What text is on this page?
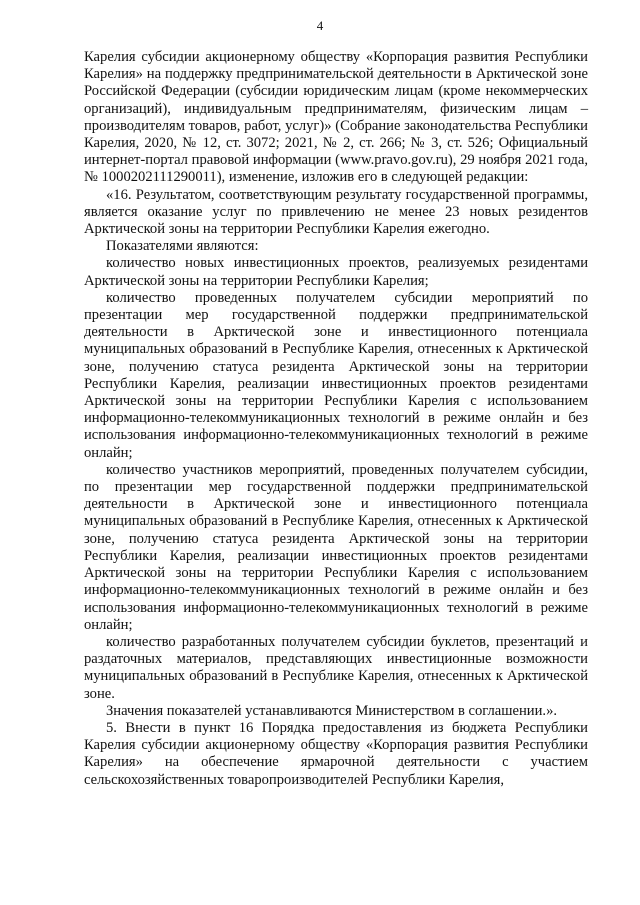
4

Карелия субсидии акционерному обществу «Корпорация развития Республики Карелия» на поддержку предпринимательской деятельности в Арктической зоне Российской Федерации (субсидии юридическим лицам (кроме некоммерческих организаций), индивидуальным предпринимателям, физическим лицам – производителям товаров, работ, услуг)» (Собрание законодательства Республики Карелия, 2020, № 12, ст. 3072; 2021, № 2, ст. 266; № 3, ст. 526; Официальный интернет-портал правовой информации (www.pravo.gov.ru), 29 ноября 2021 года, № 1000202111290011), изменение, изложив его в следующей редакции:

«16. Результатом, соответствующим результату государственной программы, является оказание услуг по привлечению не менее 23 новых резидентов Арктической зоны на территории Республики Карелия ежегодно.

Показателями являются:

количество новых инвестиционных проектов, реализуемых резидентами Арктической зоны на территории Республики Карелия;

количество проведенных получателем субсидии мероприятий по презентации мер государственной поддержки предпринимательской деятельности в Арктической зоне и инвестиционного потенциала муниципальных образований в Республике Карелия, отнесенных к Арктической зоне, получению статуса резидента Арктической зоны на территории Республики Карелия, реализации инвестиционных проектов резидентами Арктической зоны на территории Республики Карелия с использованием информационно-телекоммуникационных технологий в режиме онлайн и без использования информационно-телекоммуникационных технологий в режиме онлайн;

количество участников мероприятий, проведенных получателем субсидии, по презентации мер государственной поддержки предпринимательской деятельности в Арктической зоне и инвестиционного потенциала муниципальных образований в Республике Карелия, отнесенных к Арктической зоне, получению статуса резидента Арктической зоны на территории Республики Карелия, реализации инвестиционных проектов резидентами Арктической зоны на территории Республики Карелия с использованием информационно-телекоммуникационных технологий в режиме онлайн и без использования информационно-телекоммуникационных технологий в режиме онлайн;

количество разработанных получателем субсидии буклетов, презентаций и раздаточных материалов, представляющих инвестиционные возможности муниципальных образований в Республике Карелия, отнесенных к Арктической зоне.

Значения показателей устанавливаются Министерством в соглашении.».

5. Внести в пункт 16 Порядка предоставления из бюджета Республики Карелия субсидии акционерному обществу «Корпорация развития Республики Карелия» на обеспечение ярмарочной деятельности с участием сельскохозяйственных товаропроизводителей Республики Карелия,
